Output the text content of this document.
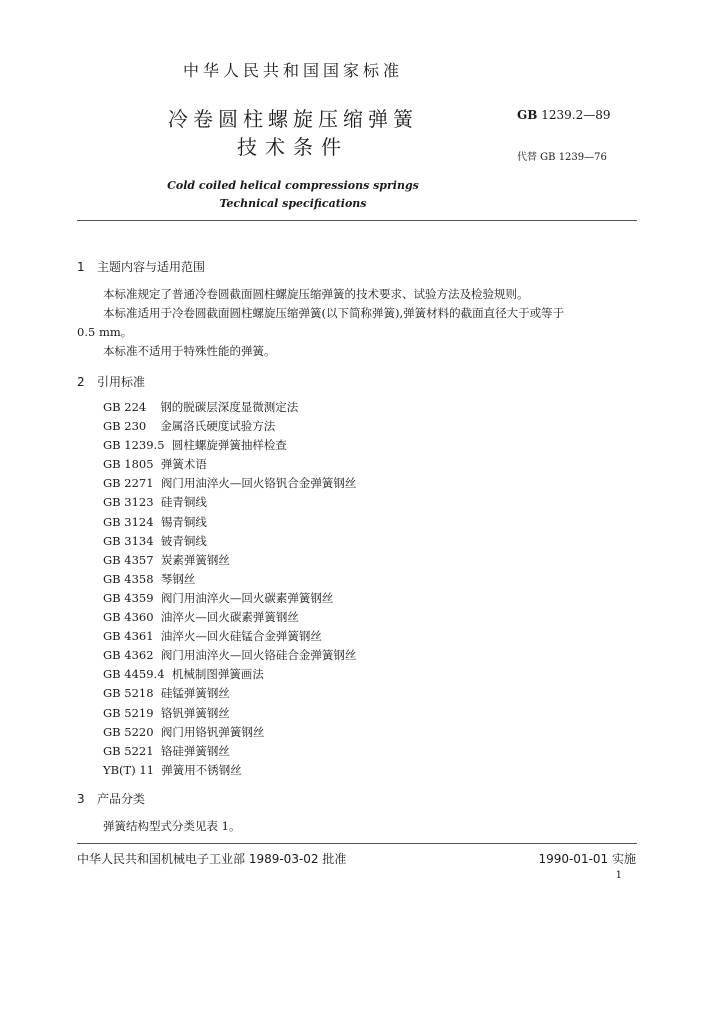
中华人民共和国国家标准
冷卷圆柱螺旋压缩弹簧
技术条件
GB 1239.2—89
代替 GB 1239—76
Cold coiled helical compressions springs
Technical specifications
1 主题内容与适用范围
本标准规定了普通冷卷圆截面圆柱螺旋压缩弹簧的技术要求、试验方法及检验规则。
本标准适用于冷卷圆截面圆柱螺旋压缩弹簧(以下简称弹簧),弹簧材料的截面直径大于或等于
0.5 mm。
本标准不适用于特殊性能的弹簧。
2 引用标准
GB 224 钢的脱碳层深度显微测定法
GB 230 金属洛氏硬度试验方法
GB 1239.5 圆柱螺旋弹簧抽样检查
GB 1805 弹簧术语
GB 2271 阀门用油淬火—回火铬钒合金弹簧钢丝
GB 3123 硅青铜线
GB 3124 锡青铜线
GB 3134 铍青铜线
GB 4357 炭素弹簧钢丝
GB 4358 琴钢丝
GB 4359 阀门用油淬火—回火碳素弹簧钢丝
GB 4360 油淬火—回火碳素弹簧钢丝
GB 4361 油淬火—回火硅锰合金弹簧钢丝
GB 4362 阀门用油淬火—回火铬硅合金弹簧钢丝
GB 4459.4 机械制图弹簧画法
GB 5218 硅锰弹簧钢丝
GB 5219 铬钒弹簧钢丝
GB 5220 阀门用铬钒弹簧钢丝
GB 5221 铬硅弹簧钢丝
YB(T) 11 弹簧用不锈钢丝
3 产品分类
弹簧结构型式分类见表 1。
中华人民共和国机械电子工业部 1989-03-02 批准	1990-01-01 实施
1
